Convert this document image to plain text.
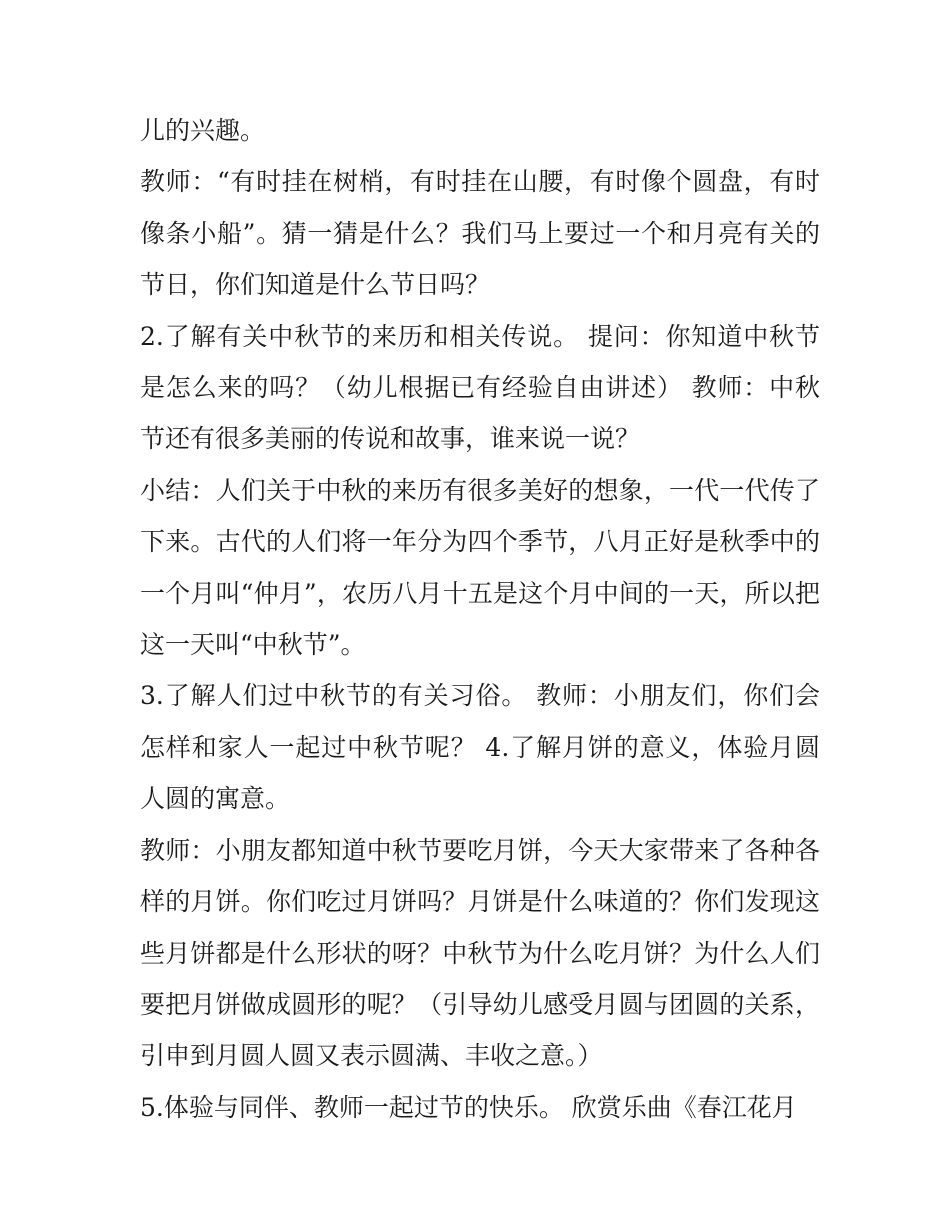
儿的兴趣。

教师：“有时挂在树梢，有时挂在山腰，有时像个圆盘，有时像条小船”。猜一猜是什么？我们马上要过一个和月亮有关的节日，你们知道是什么节日吗？

2.了解有关中秋节的来历和相关传说。 提问：你知道中秋节是怎么来的吗？（幼儿根据已有经验自由讲述） 教师：中秋节还有很多美丽的传说和故事，谁来说一说？

小结：人们关于中秋的来历有很多美好的想象，一代一代传了下来。古代的人们将一年分为四个季节，八月正好是秋季中的一个月叫“仲月”，农历八月十五是这个月中间的一天，所以把这一天叫“中秋节”。

3.了解人们过中秋节的有关习俗。 教师：小朋友们，你们会怎样和家人一起过中秋节呢？ 4.了解月饼的意义，体验月圆人圆的寓意。

教师：小朋友都知道中秋节要吃月饼，今天大家带来了各种各样的月饼。你们吃过月饼吗？月饼是什么味道的？你们发现这些月饼都是什么形状的呀？中秋节为什么吃月饼？为什么人们要把月饼做成圆形的呢？（引导幼儿感受月圆与团圆的关系，引申到月圆人圆又表示圆满、丰收之意。）

5.体验与同伴、教师一起过节的快乐。 欣赏乐曲《春江花月
